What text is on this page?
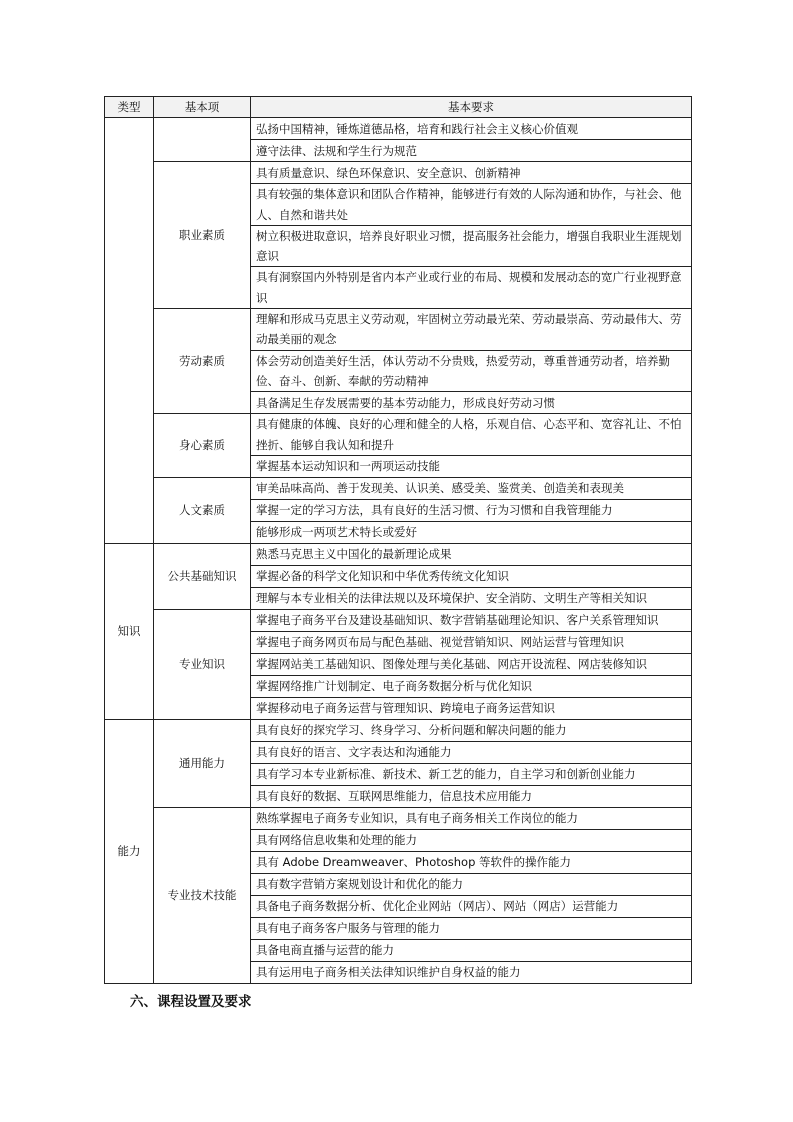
类型	基本项	基本要求
		弘扬中国精神，锤炼道德品格，培育和践行社会主义核心价值观
		遵守法律、法规和学生行为规范
	职业素质	具有质量意识、绿色环保意识、安全意识、创新精神
		具有较强的集体意识和团队合作精神，能够进行有效的人际沟通和协作，与社会、他人、自然和谐共处
		树立积极进取意识，培养良好职业习惯，提高服务社会能力，增强自我职业生涯规划意识
		具有洞察国内外特别是省内本产业或行业的布局、规模和发展动态的宽广行业视野意识
	劳动素质	理解和形成马克思主义劳动观，牢固树立劳动最光荣、劳动最崇高、劳动最伟大、劳动最美丽的观念
		体会劳动创造美好生活，体认劳动不分贵贱，热爱劳动，尊重普通劳动者，培养勤俭、奋斗、创新、奉献的劳动精神
		具备满足生存发展需要的基本劳动能力，形成良好劳动习惯
	身心素质	具有健康的体魄、良好的心理和健全的人格，乐观自信、心态平和、宽容礼让、不怕挫折、能够自我认知和提升
		掌握基本运动知识和一两项运动技能
	人文素质	审美品味高尚、善于发现美、认识美、感受美、鉴赏美、创造美和表现美
		掌握一定的学习方法，具有良好的生活习惯、行为习惯和自我管理能力
		能够形成一两项艺术特长或爱好
知识	公共基础知识	熟悉马克思主义中国化的最新理论成果
		掌握必备的科学文化知识和中华优秀传统文化知识
		理解与本专业相关的法律法规以及环境保护、安全消防、文明生产等相关知识
	专业知识	掌握电子商务平台及建设基础知识、数字营销基础理论知识、客户关系管理知识
		掌握电子商务网页布局与配色基础、视觉营销知识、网站运营与管理知识
		掌握网站美工基础知识、图像处理与美化基础、网店开设流程、网店装修知识
		掌握网络推广计划制定、电子商务数据分析与优化知识
		掌握移动电子商务运营与管理知识、跨境电子商务运营知识
能力	通用能力	具有良好的探究学习、终身学习、分析问题和解决问题的能力
		具有良好的语言、文字表达和沟通能力
		具有学习本专业新标准、新技术、新工艺的能力，自主学习和创新创业能力
		具有良好的数据、互联网思维能力，信息技术应用能力
	专业技术技能	熟练掌握电子商务专业知识，具有电子商务相关工作岗位的能力
		具有网络信息收集和处理的能力
		具有 Adobe Dreamweaver、Photoshop 等软件的操作能力
		具有数字营销方案规划设计和优化的能力
		具备电子商务数据分析、优化企业网站（网店）、网站（网店）运营能力
		具有电子商务客户服务与管理的能力
		具备电商直播与运营的能力
		具有运用电子商务相关法律知识维护自身权益的能力
六、课程设置及要求
